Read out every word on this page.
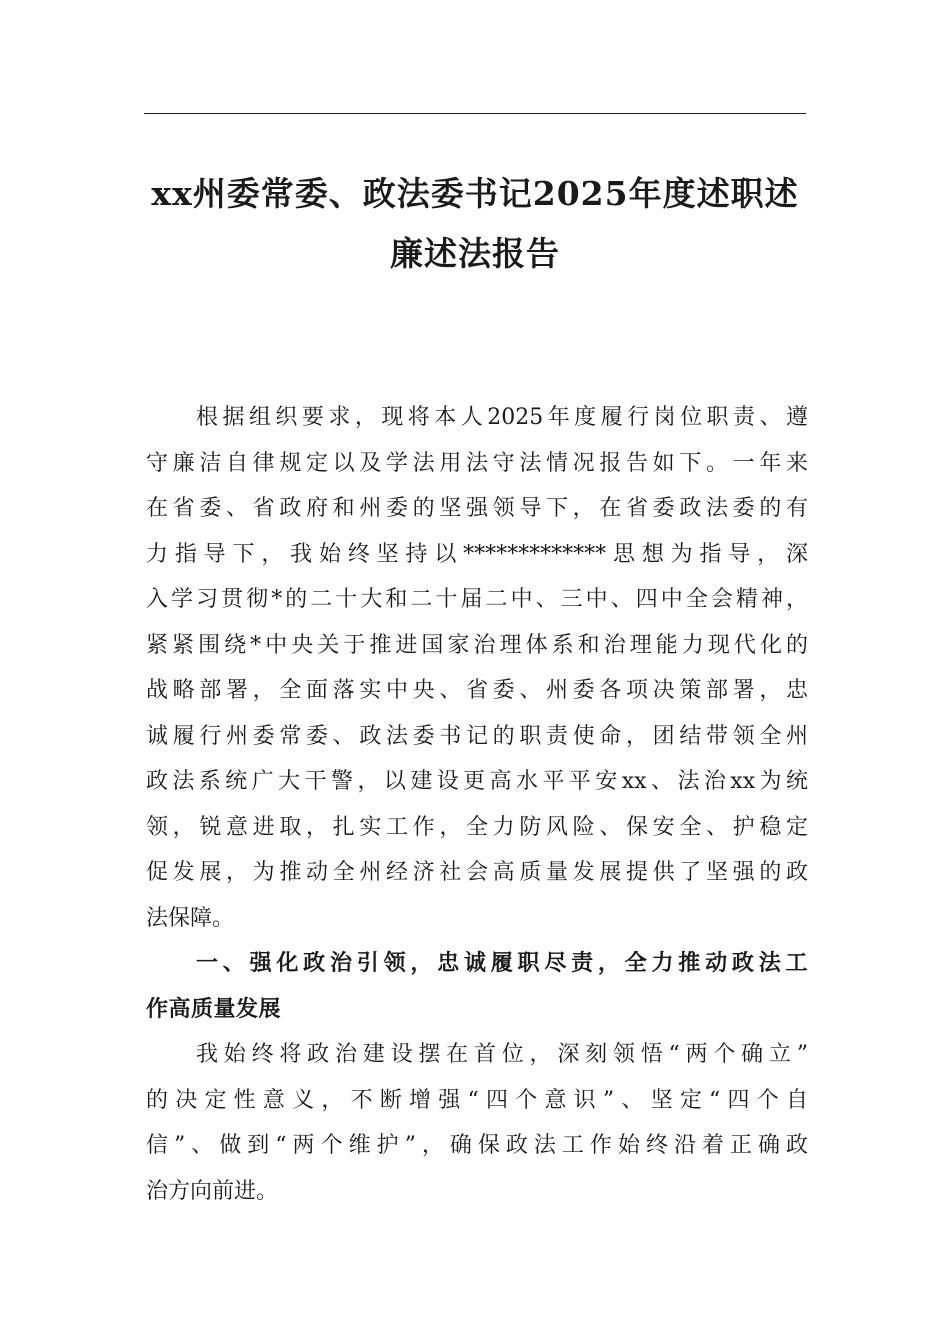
xx州委常委、政法委书记2025年度述职述
廉述法报告
根据组织要求，现将本人2025年度履行岗位职责、遵
守廉洁自律规定以及学法用法守法情况报告如下。一年来
在省委、省政府和州委的坚强领导下，在省委政法委的有
力指导下，我始终坚持以*************思想为指导，深
入学习贯彻*的二十大和二十届二中、三中、四中全会精神，
紧紧围绕*中央关于推进国家治理体系和治理能力现代化的
战略部署，全面落实中央、省委、州委各项决策部署，忠
诚履行州委常委、政法委书记的职责使命，团结带领全州
政法系统广大干警，以建设更高水平平安xx、法治xx为统
领，锐意进取，扎实工作，全力防风险、保安全、护稳定
促发展，为推动全州经济社会高质量发展提供了坚强的政
法保障。
一、强化政治引领，忠诚履职尽责，全力推动政法工
作高质量发展
我始终将政治建设摆在首位，深刻领悟“两个确立”
的决定性意义，不断增强“四个意识”、坚定“四个自
信”、做到“两个维护”，确保政法工作始终沿着正确政
治方向前进。
